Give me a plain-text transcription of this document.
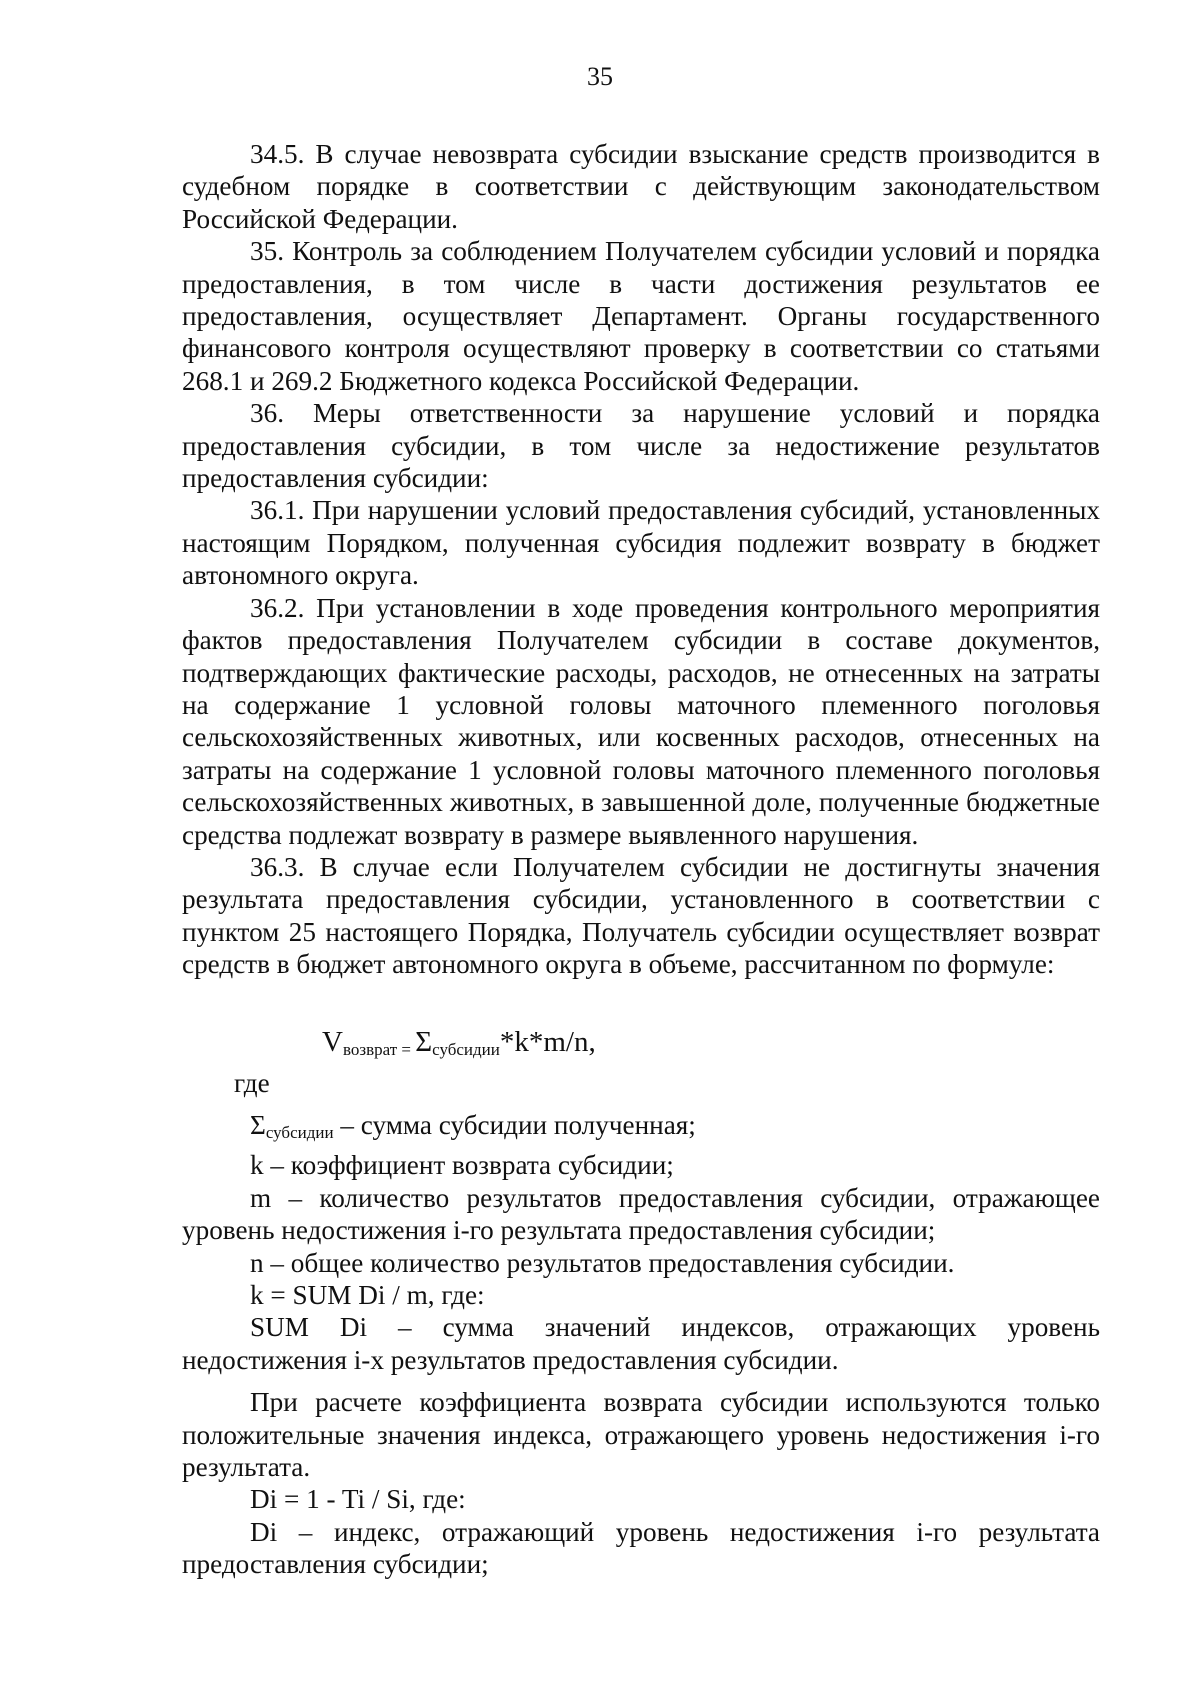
35

34.5. В случае невозврата субсидии взыскание средств производится в судебном порядке в соответствии с действующим законодательством Российской Федерации.

35. Контроль за соблюдением Получателем субсидии условий и порядка предоставления, в том числе в части достижения результатов ее предоставления, осуществляет Департамент. Органы государственного финансового контроля осуществляют проверку в соответствии со статьями 268.1 и 269.2 Бюджетного кодекса Российской Федерации.

36. Меры ответственности за нарушение условий и порядка предоставления субсидии, в том числе за недостижение результатов предоставления субсидии:

36.1. При нарушении условий предоставления субсидий, установленных настоящим Порядком, полученная субсидия подлежит возврату в бюджет автономного округа.

36.2. При установлении в ходе проведения контрольного мероприятия фактов предоставления Получателем субсидии в составе документов, подтверждающих фактические расходы, расходов, не отнесенных на затраты на содержание 1 условной головы маточного племенного поголовья сельскохозяйственных животных, или косвенных расходов, отнесенных на затраты на содержание 1 условной головы маточного племенного поголовья сельскохозяйственных животных, в завышенной доле, полученные бюджетные средства подлежат возврату в размере выявленного нарушения.

36.3. В случае если Получателем субсидии не достигнуты значения результата предоставления субсидии, установленного в соответствии с пунктом 25 настоящего Порядка, Получатель субсидии осуществляет возврат средств в бюджет автономного округа в объеме, рассчитанном по формуле:

$V_{возврат}$ $_=$ $\Sigma_{субсидии}*k*m/n$,

где

Σсубсидии – сумма субсидии полученная;

k – коэффициент возврата субсидии;

m – количество результатов предоставления субсидии, отражающее уровень недостижения i-го результата предоставления субсидии;

n – общее количество результатов предоставления субсидии.

k = SUM Di / m, где:

SUM Di – сумма значений индексов, отражающих уровень недостижения i-х результатов предоставления субсидии.

При расчете коэффициента возврата субсидии используются только положительные значения индекса, отражающего уровень недостижения i-го результата.

Di = 1 - Ti / Si, где:

Di – индекс, отражающий уровень недостижения i-го результата предоставления субсидии;
